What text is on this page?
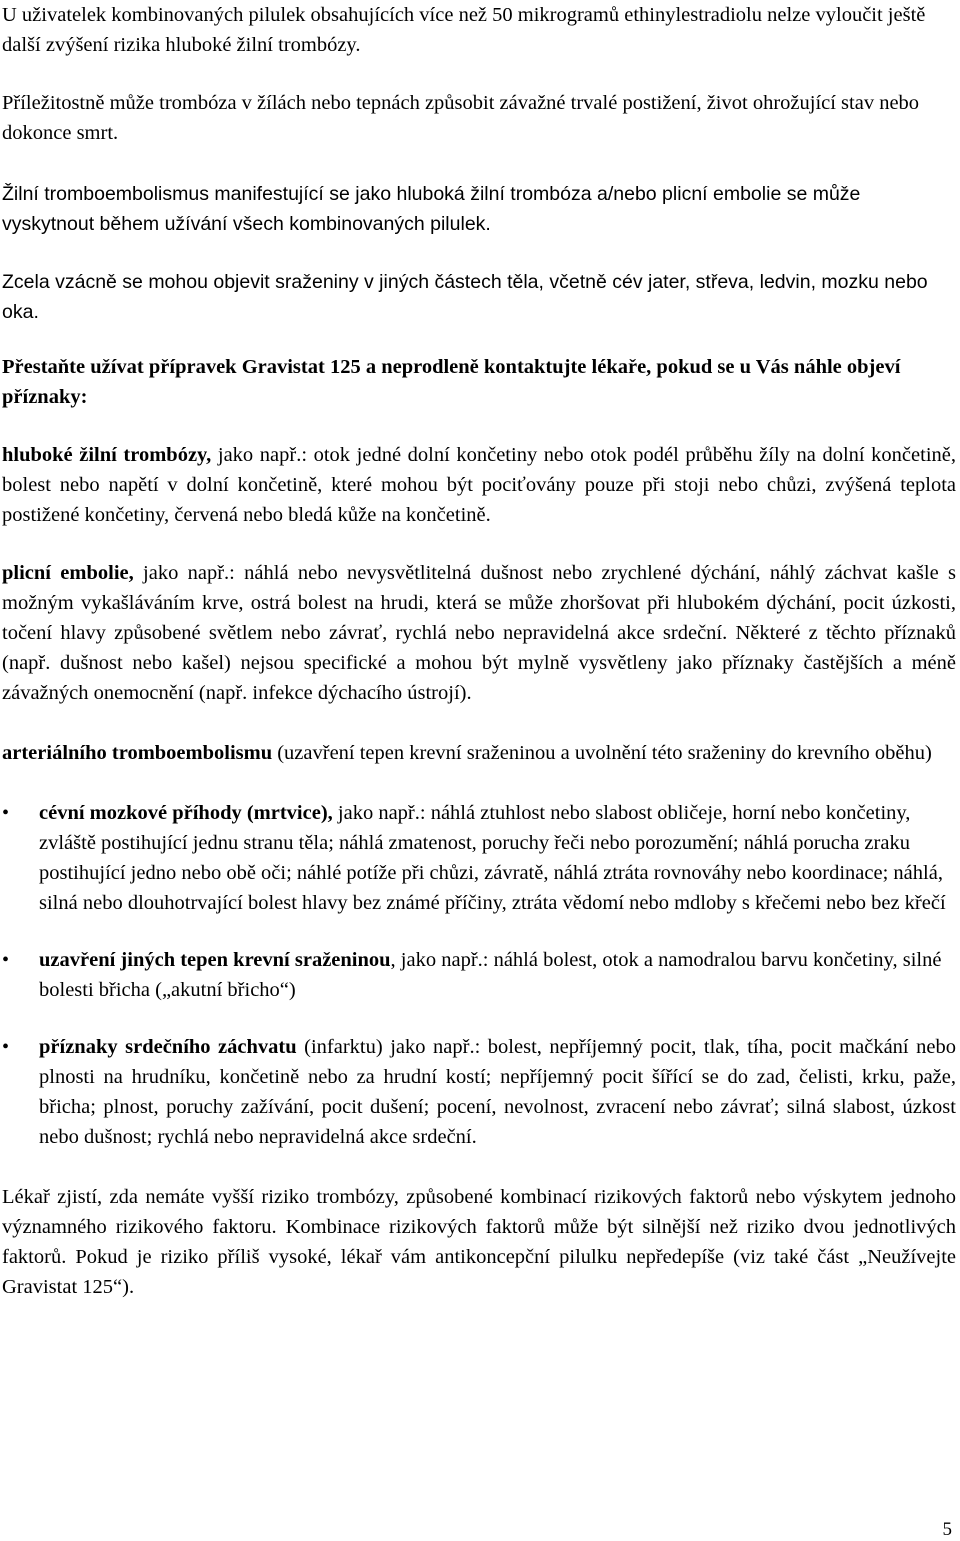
U uživatelek kombinovaných pilulek obsahujících více než 50 mikrogramů ethinylestradiolu nelze vyloučit ještě další zvýšení rizika hluboké žilní trombózy.

Příležitostně může trombóza v žílách nebo tepnách způsobit závažné trvalé postižení, život ohrožující stav nebo dokonce smrt.

Žilní tromboembolismus manifestující se jako hluboká žilní trombóza a/nebo plicní embolie se může vyskytnout během užívání všech kombinovaných pilulek.

Zcela vzácně se mohou objevit sraženiny v jiných částech těla, včetně cév jater, střeva, ledvin, mozku nebo oka.

Přestaňte užívat přípravek Gravistat 125 a neprodleně kontaktujte lékaře, pokud se u Vás náhle objeví příznaky:

hluboké žilní trombózy, jako např.: otok jedné dolní končetiny nebo otok podél průběhu žíly na dolní končetině, bolest nebo napětí v dolní končetině, které mohou být pociťovány pouze při stoji nebo chůzi, zvýšená teplota postižené končetiny, červená nebo bledá kůže na končetině.

plicní embolie, jako např.: náhlá nebo nevysvětlitelná dušnost nebo zrychlené dýchání, náhlý záchvat kašle s možným vykašláváním krve, ostrá bolest na hrudi, která se může zhoršovat při hlubokém dýchání, pocit úzkosti, točení hlavy způsobené světlem nebo závrať, rychlá nebo nepravidelná akce srdeční. Některé z těchto příznaků (např. dušnost nebo kašel) nejsou specifické a mohou být mylně vysvětleny jako příznaky častějších a méně závažných onemocnění (např. infekce dýchacího ústrojí).

arteriálního tromboembolismu (uzavření tepen krevní sraženinou a uvolnění této sraženiny do krevního oběhu)

• cévní mozkové příhody (mrtvice), jako např.: náhlá ztuhlost nebo slabost obličeje, horní nebo končetiny, zvláště postihující jednu stranu těla; náhlá zmatenost, poruchy řeči nebo porozumění; náhlá porucha zraku postihující jedno nebo obě oči; náhlé potíže při chůzi, závratě, náhlá ztráta rovnováhy nebo koordinace; náhlá, silná nebo dlouhotrvající bolest hlavy bez známé příčiny, ztráta vědomí nebo mdloby s křečemi nebo bez křečí
• uzavření jiných tepen krevní sraženinou, jako např.: náhlá bolest, otok a namodralou barvu končetiny, silné bolesti břicha („akutní břicho“)
• příznaky srdečního záchvatu (infarktu) jako např.: bolest, nepříjemný pocit, tlak, tíha, pocit mačkání nebo plnosti na hrudníku, končetině nebo za hrudní kostí; nepříjemný pocit šířící se do zad, čelisti, krku, paže, břicha; plnost, poruchy zažívání, pocit dušení; pocení, nevolnost, zvracení nebo závrať; silná slabost, úzkost nebo dušnost; rychlá nebo nepravidelná akce srdeční.

Lékař zjistí, zda nemáte vyšší riziko trombózy, způsobené kombinací rizikových faktorů nebo výskytem jednoho významného rizikového faktoru. Kombinace rizikových faktorů může být silnější než riziko dvou jednotlivých faktorů. Pokud je riziko příliš vysoké, lékař vám antikoncepční pilulku nepředepíše (viz také část „Neužívejte Gravistat 125“).

5
